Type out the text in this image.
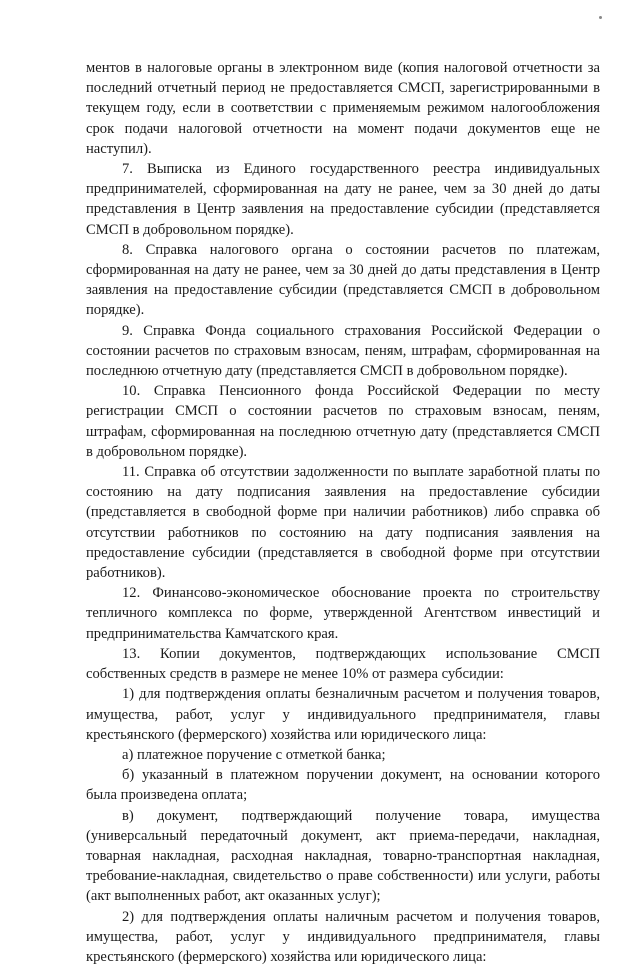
ментов в налоговые органы в электронном виде (копия налоговой отчетности за последний отчетный период не предоставляется СМСП, зарегистрированными в текущем году, если в соответствии с применяемым режимом налогообложения срок подачи налоговой отчетности на момент подачи документов еще не наступил).

7. Выписка из Единого государственного реестра индивидуальных предпринимателей, сформированная на дату не ранее, чем за 30 дней до даты представления в Центр заявления на предоставление субсидии (представляется СМСП в добровольном порядке).

8. Справка налогового органа о состоянии расчетов по платежам, сформированная на дату не ранее, чем за 30 дней до даты представления в Центр заявления на предоставление субсидии (представляется СМСП в добровольном порядке).

9. Справка Фонда социального страхования Российской Федерации о состоянии расчетов по страховым взносам, пеням, штрафам, сформированная на последнюю отчетную дату (представляется СМСП в добровольном порядке).

10. Справка Пенсионного фонда Российской Федерации по месту регистрации СМСП о состоянии расчетов по страховым взносам, пеням, штрафам, сформированная на последнюю отчетную дату (представляется СМСП в добровольном порядке).

11. Справка об отсутствии задолженности по выплате заработной платы по состоянию на дату подписания заявления на предоставление субсидии (представляется в свободной форме при наличии работников) либо справка об отсутствии работников по состоянию на дату подписания заявления на предоставление субсидии (представляется в свободной форме при отсутствии работников).

12. Финансово-экономическое обоснование проекта по строительству тепличного комплекса по форме, утвержденной Агентством инвестиций и предпринимательства Камчатского края.

13. Копии документов, подтверждающих использование СМСП собственных средств в размере не менее 10% от размера субсидии:

1) для подтверждения оплаты безналичным расчетом и получения товаров, имущества, работ, услуг у индивидуального предпринимателя, главы крестьянского (фермерского) хозяйства или юридического лица:

а) платежное поручение с отметкой банка;

б) указанный в платежном поручении документ, на основании которого была произведена оплата;

в) документ, подтверждающий получение товара, имущества (универсальный передаточный документ, акт приема-передачи, накладная, товарная накладная, расходная накладная, товарно-транспортная накладная, требование-накладная, свидетельство о праве собственности) или услуги, работы (акт выполненных работ, акт оказанных услуг);

2) для подтверждения оплаты наличным расчетом и получения товаров, имущества, работ, услуг у индивидуального предпринимателя, главы крестьянского (фермерского) хозяйства или юридического лица:
